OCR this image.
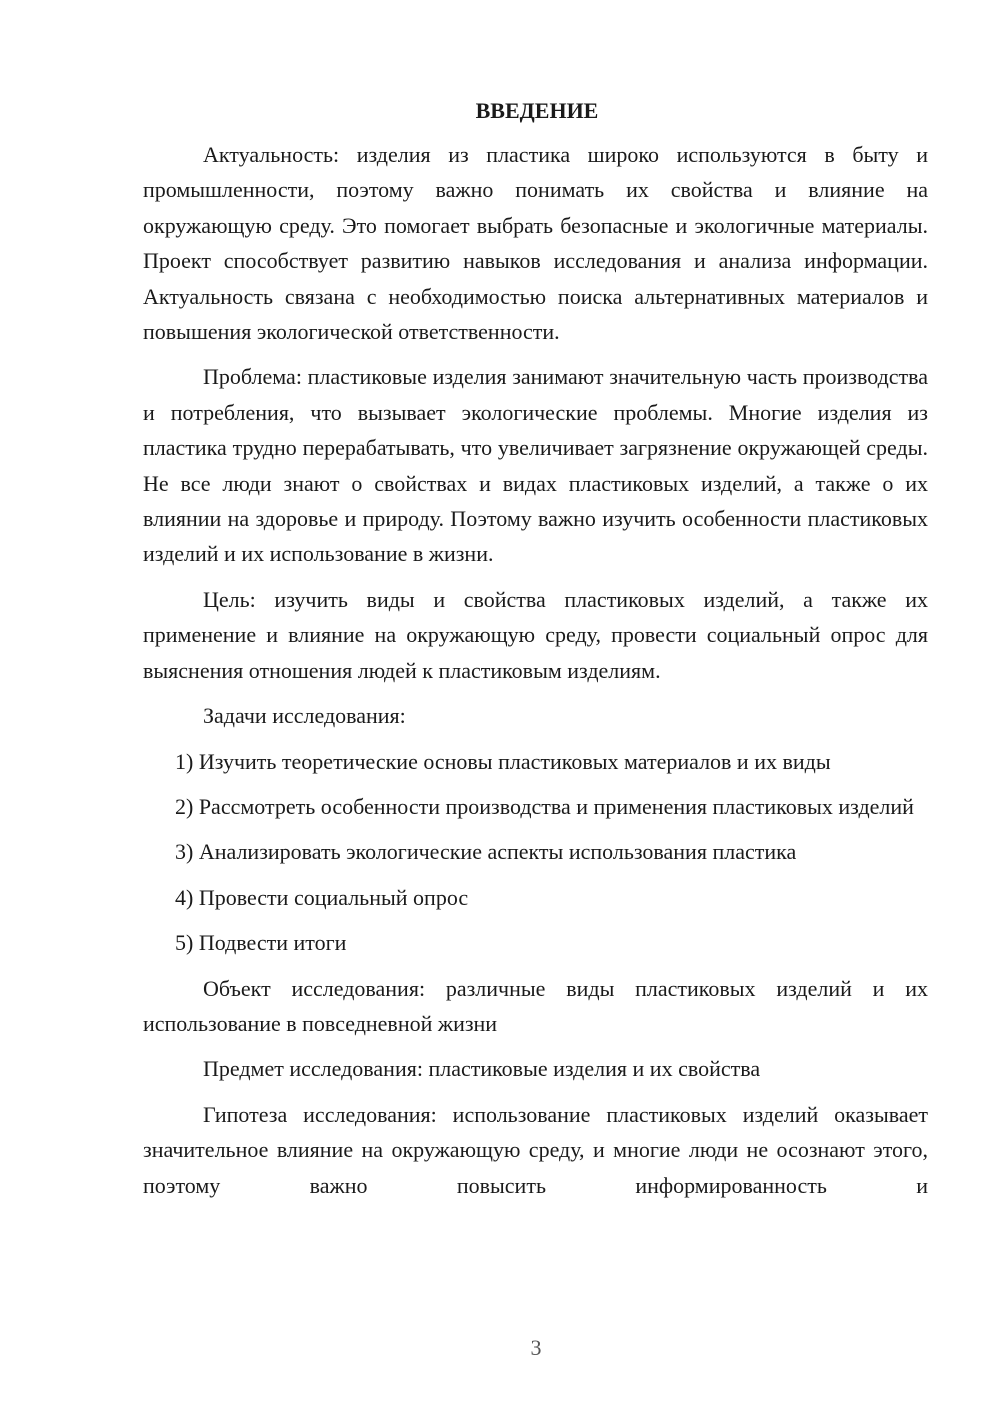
ВВЕДЕНИЕ

Актуальность: изделия из пластика широко используются в быту и промышленности, поэтому важно понимать их свойства и влияние на окружающую среду. Это помогает выбрать безопасные и экологичные материалы. Проект способствует развитию навыков исследования и анализа информации. Актуальность связана с необходимостью поиска альтернативных материалов и повышения экологической ответственности.

Проблема: пластиковые изделия занимают значительную часть производства и потребления, что вызывает экологические проблемы. Многие изделия из пластика трудно перерабатывать, что увеличивает загрязнение окружающей среды. Не все люди знают о свойствах и видах пластиковых изделий, а также о их влиянии на здоровье и природу. Поэтому важно изучить особенности пластиковых изделий и их использование в жизни.

Цель: изучить виды и свойства пластиковых изделий, а также их применение и влияние на окружающую среду, провести социальный опрос для выяснения отношения людей к пластиковым изделиям.

Задачи исследования:

1) Изучить теоретические основы пластиковых материалов и их виды

2) Рассмотреть особенности производства и применения пластиковых изделий

3) Анализировать экологические аспекты использования пластика

4) Провести социальный опрос

5) Подвести итоги

Объект исследования: различные виды пластиковых изделий и их использование в повседневной жизни

Предмет исследования: пластиковые изделия и их свойства

Гипотеза исследования: использование пластиковых изделий оказывает значительное влияние на окружающую среду, и многие люди не осознают этого, поэтому важно повысить информированность и

3
